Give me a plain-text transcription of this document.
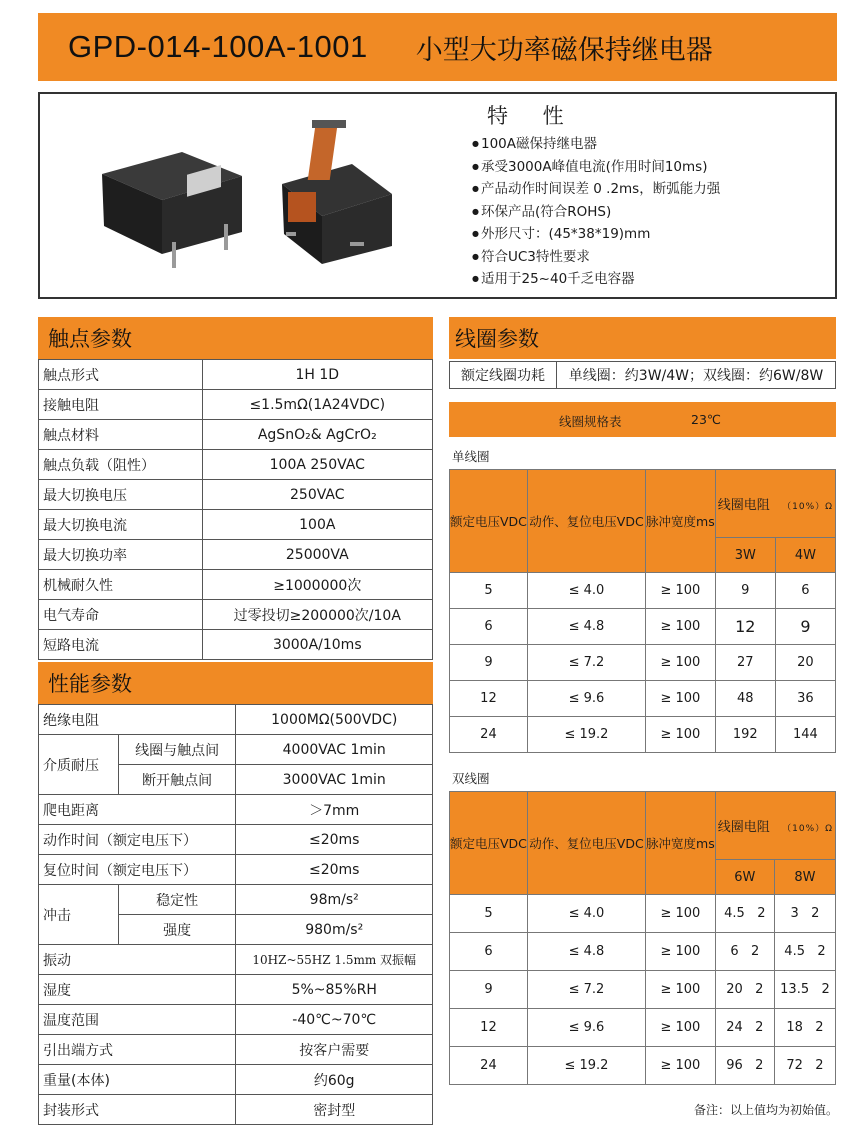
GPD-014-100A-1001 小型大功率磁保持继电器
特 性
● 100A磁保持继电器
● 承受3000A峰值电流(作用时间10ms)
● 产品动作时间误差 0 .2ms，断弧能力强
● 环保产品(符合ROHS)
● 外形尺寸：(45*38*19)mm
● 符合UC3特性要求
● 适用于25~40千乏电容器
触点参数
触点形式	1H 1D
接触电阻	≤1.5mΩ(1A24VDC)
触点材料	AgSnO₂& AgCrO₂
触点负载（阻性）	100A 250VAC
最大切换电压	250VAC
最大切换电流	100A
最大切换功率	25000VA
机械耐久性	≥1000000次
电气寿命	过零投切≥200000次/10A
短路电流	3000A/10ms
性能参数
绝缘电阻		1000MΩ(500VDC)
介质耐压	线圈与触点间	4000VAC 1min
	断开触点间	3000VAC 1min
爬电距离		＞7mm
动作时间（额定电压下）		≤20ms
复位时间（额定电压下）		≤20ms
冲击	稳定性	98m/s²
	强度	980m/s²
振动		10HZ~55HZ 1.5mm 双振幅
湿度		5%~85%RH
温度范围		-40℃~70℃
引出端方式		按客户需要
重量(本体)		约60g
封装形式		密封型
线圈参数
额定线圈功耗	单线圈：约3W/4W；双线圈：约6W/8W
线圈规格表	23℃
单线圈
额定电压VDC	动作、复位电压VDC	脉冲宽度ms	线圈电阻 （10%）Ω	
			3W	4W
5	≤ 4.0	≥ 100	9	6
6	≤ 4.8	≥ 100	12	9
9	≤ 7.2	≥ 100	27	20
12	≤ 9.6	≥ 100	48	36
24	≤ 19.2	≥ 100	192	144
双线圈
额定电压VDC	动作、复位电压VDC	脉冲宽度ms	线圈电阻 （10%）Ω	
			6W	8W
5	≤ 4.0	≥ 100	4.5   2	3   2
6	≤ 4.8	≥ 100	6   2	4.5   2
9	≤ 7.2	≥ 100	20   2	13.5   2
12	≤ 9.6	≥ 100	24   2	18   2
24	≤ 19.2	≥ 100	96   2	72   2
备注：以上值均为初始值。
